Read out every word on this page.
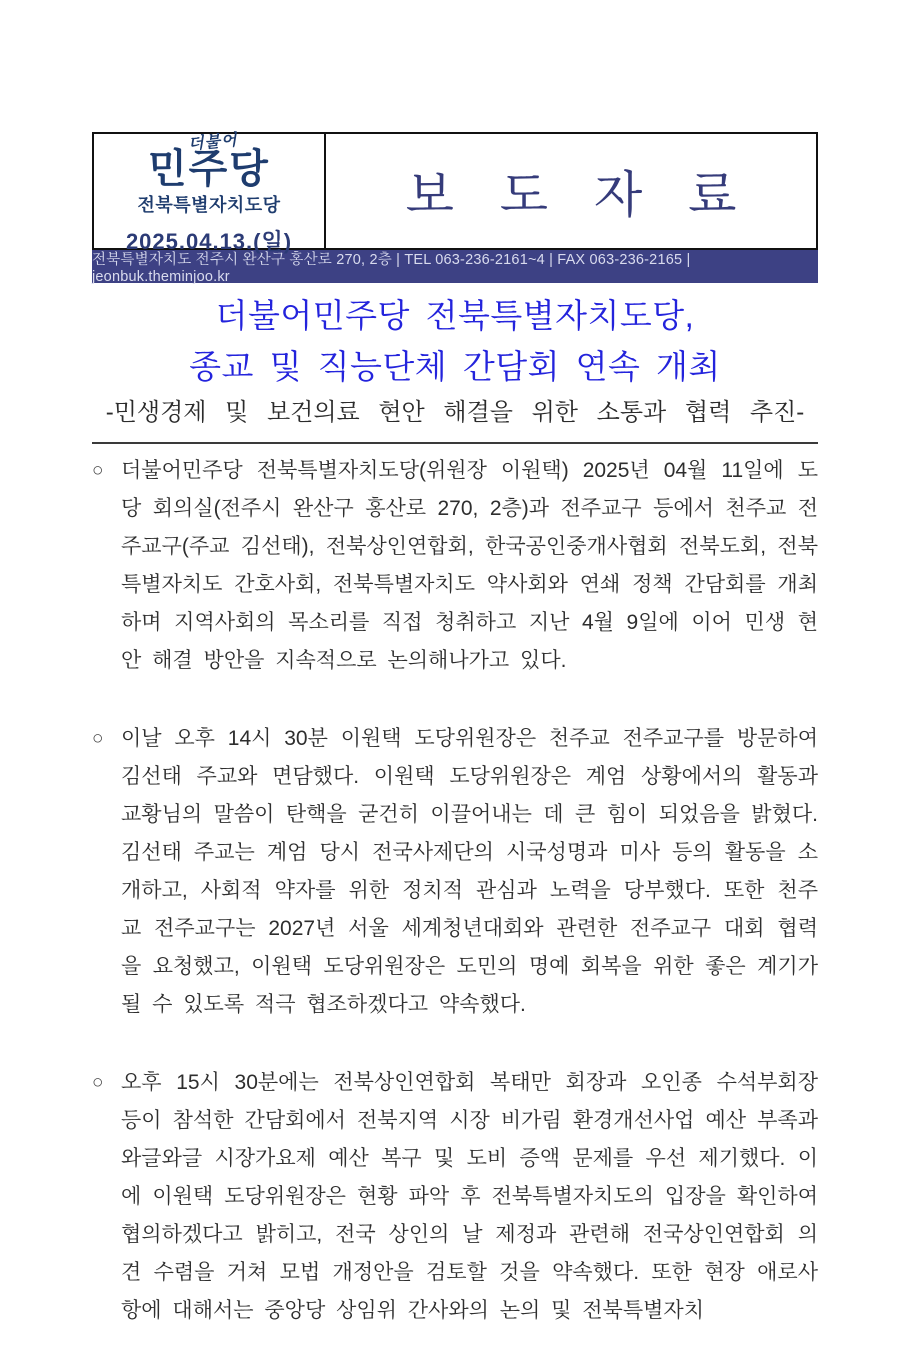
더불어
민주당
전북특별자치도당
2025.04.13.(일)
보 도 자 료
전북특별자치도 전주시 완산구 홍산로 270, 2층 | TEL 063-236-2161~4 | FAX 063-236-2165 | jeonbuk.theminjoo.kr
더불어민주당 전북특별자치도당,
종교 및 직능단체 간담회 연속 개최
-민생경제 및 보건의료 현안 해결을 위한 소통과 협력 추진-
○ 더불어민주당 전북특별자치도당(위원장 이원택) 2025년 04월 11일에 도당 회의실(전주시 완산구 홍산로 270, 2층)과 전주교구 등에서 천주교 전주교구(주교 김선태), 전북상인연합회, 한국공인중개사협회 전북도회, 전북특별자치도 간호사회, 전북특별자치도 약사회와 연쇄 정책 간담회를 개최하며 지역사회의 목소리를 직접 청취하고 지난 4월 9일에 이어 민생 현안 해결 방안을 지속적으로 논의해나가고 있다.
○ 이날 오후 14시 30분 이원택 도당위원장은 천주교 전주교구를 방문하여 김선태 주교와 면담했다. 이원택 도당위원장은 계엄 상황에서의 활동과 교황님의 말씀이 탄핵을 굳건히 이끌어내는 데 큰 힘이 되었음을 밝혔다. 김선태 주교는 계엄 당시 전국사제단의 시국성명과 미사 등의 활동을 소개하고, 사회적 약자를 위한 정치적 관심과 노력을 당부했다. 또한 천주교 전주교구는 2027년 서울 세계청년대회와 관련한 전주교구 대회 협력을 요청했고, 이원택 도당위원장은 도민의 명예 회복을 위한 좋은 계기가 될 수 있도록 적극 협조하겠다고 약속했다.
○ 오후 15시 30분에는 전북상인연합회 복태만 회장과 오인종 수석부회장 등이 참석한 간담회에서 전북지역 시장 비가림 환경개선사업 예산 부족과 와글와글 시장가요제 예산 복구 및 도비 증액 문제를 우선 제기했다. 이에 이원택 도당위원장은 현황 파악 후 전북특별자치도의 입장을 확인하여 협의하겠다고 밝히고, 전국 상인의 날 제정과 관련해 전국상인연합회 의견 수렴을 거쳐 모법 개정안을 검토할 것을 약속했다. 또한 현장 애로사항에 대해서는 중앙당 상임위 간사와의 논의 및 전북특별자치
